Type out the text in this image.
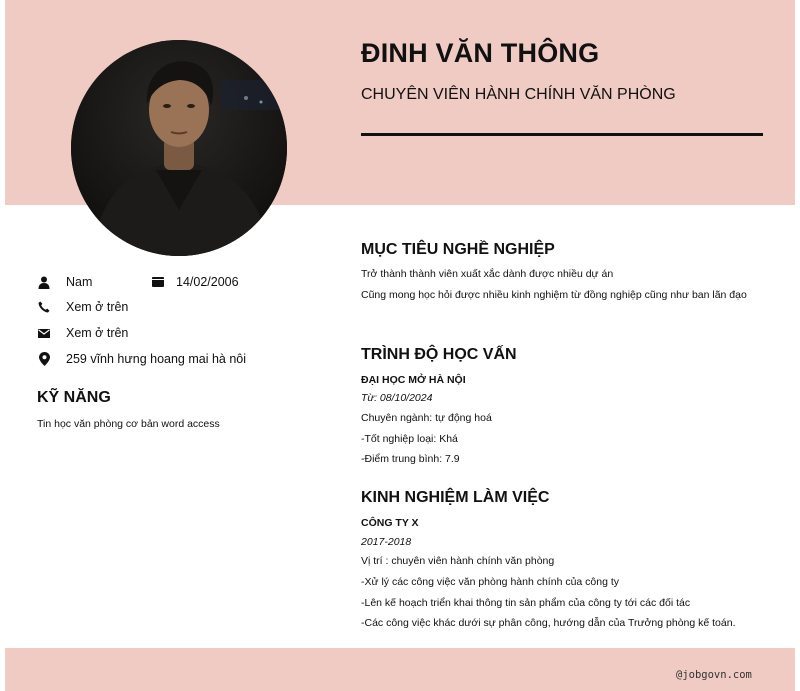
ĐINH VĂN THÔNG
CHUYÊN VIÊN HÀNH CHÍNH VĂN PHÒNG
Nam	14/02/2006
Xem ở trên
Xem ở trên
259 vĩnh hưng hoang mai hà nôi
KỸ NĂNG
Tin học văn phòng cơ bản word access
MỤC TIÊU NGHỀ NGHIỆP
Trở thành thành viên xuất xắc dành được nhiều dự án
Cũng mong học hỏi được nhiều kinh nghiệm từ đồng nghiệp cũng như ban lãn đạo
TRÌNH ĐỘ HỌC VẤN
ĐẠI HỌC MỞ HÀ NỘI
Từ: 08/10/2024
Chuyên ngành: tự động hoá
-Tốt nghiệp loại: Khá
-Điểm trung bình: 7.9
KINH NGHIỆM LÀM VIỆC
CÔNG TY X
2017-2018
Vị trí : chuyên viên hành chính văn phòng
-Xử lý các công việc văn phòng hành chính của công ty
-Lên kế hoạch triển khai thông tin sản phẩm của công ty tới các đối tác
-Các công việc khác dưới sự phân công, hướng dẫn của Trưởng phòng kế toán.
@jobgovn.com
